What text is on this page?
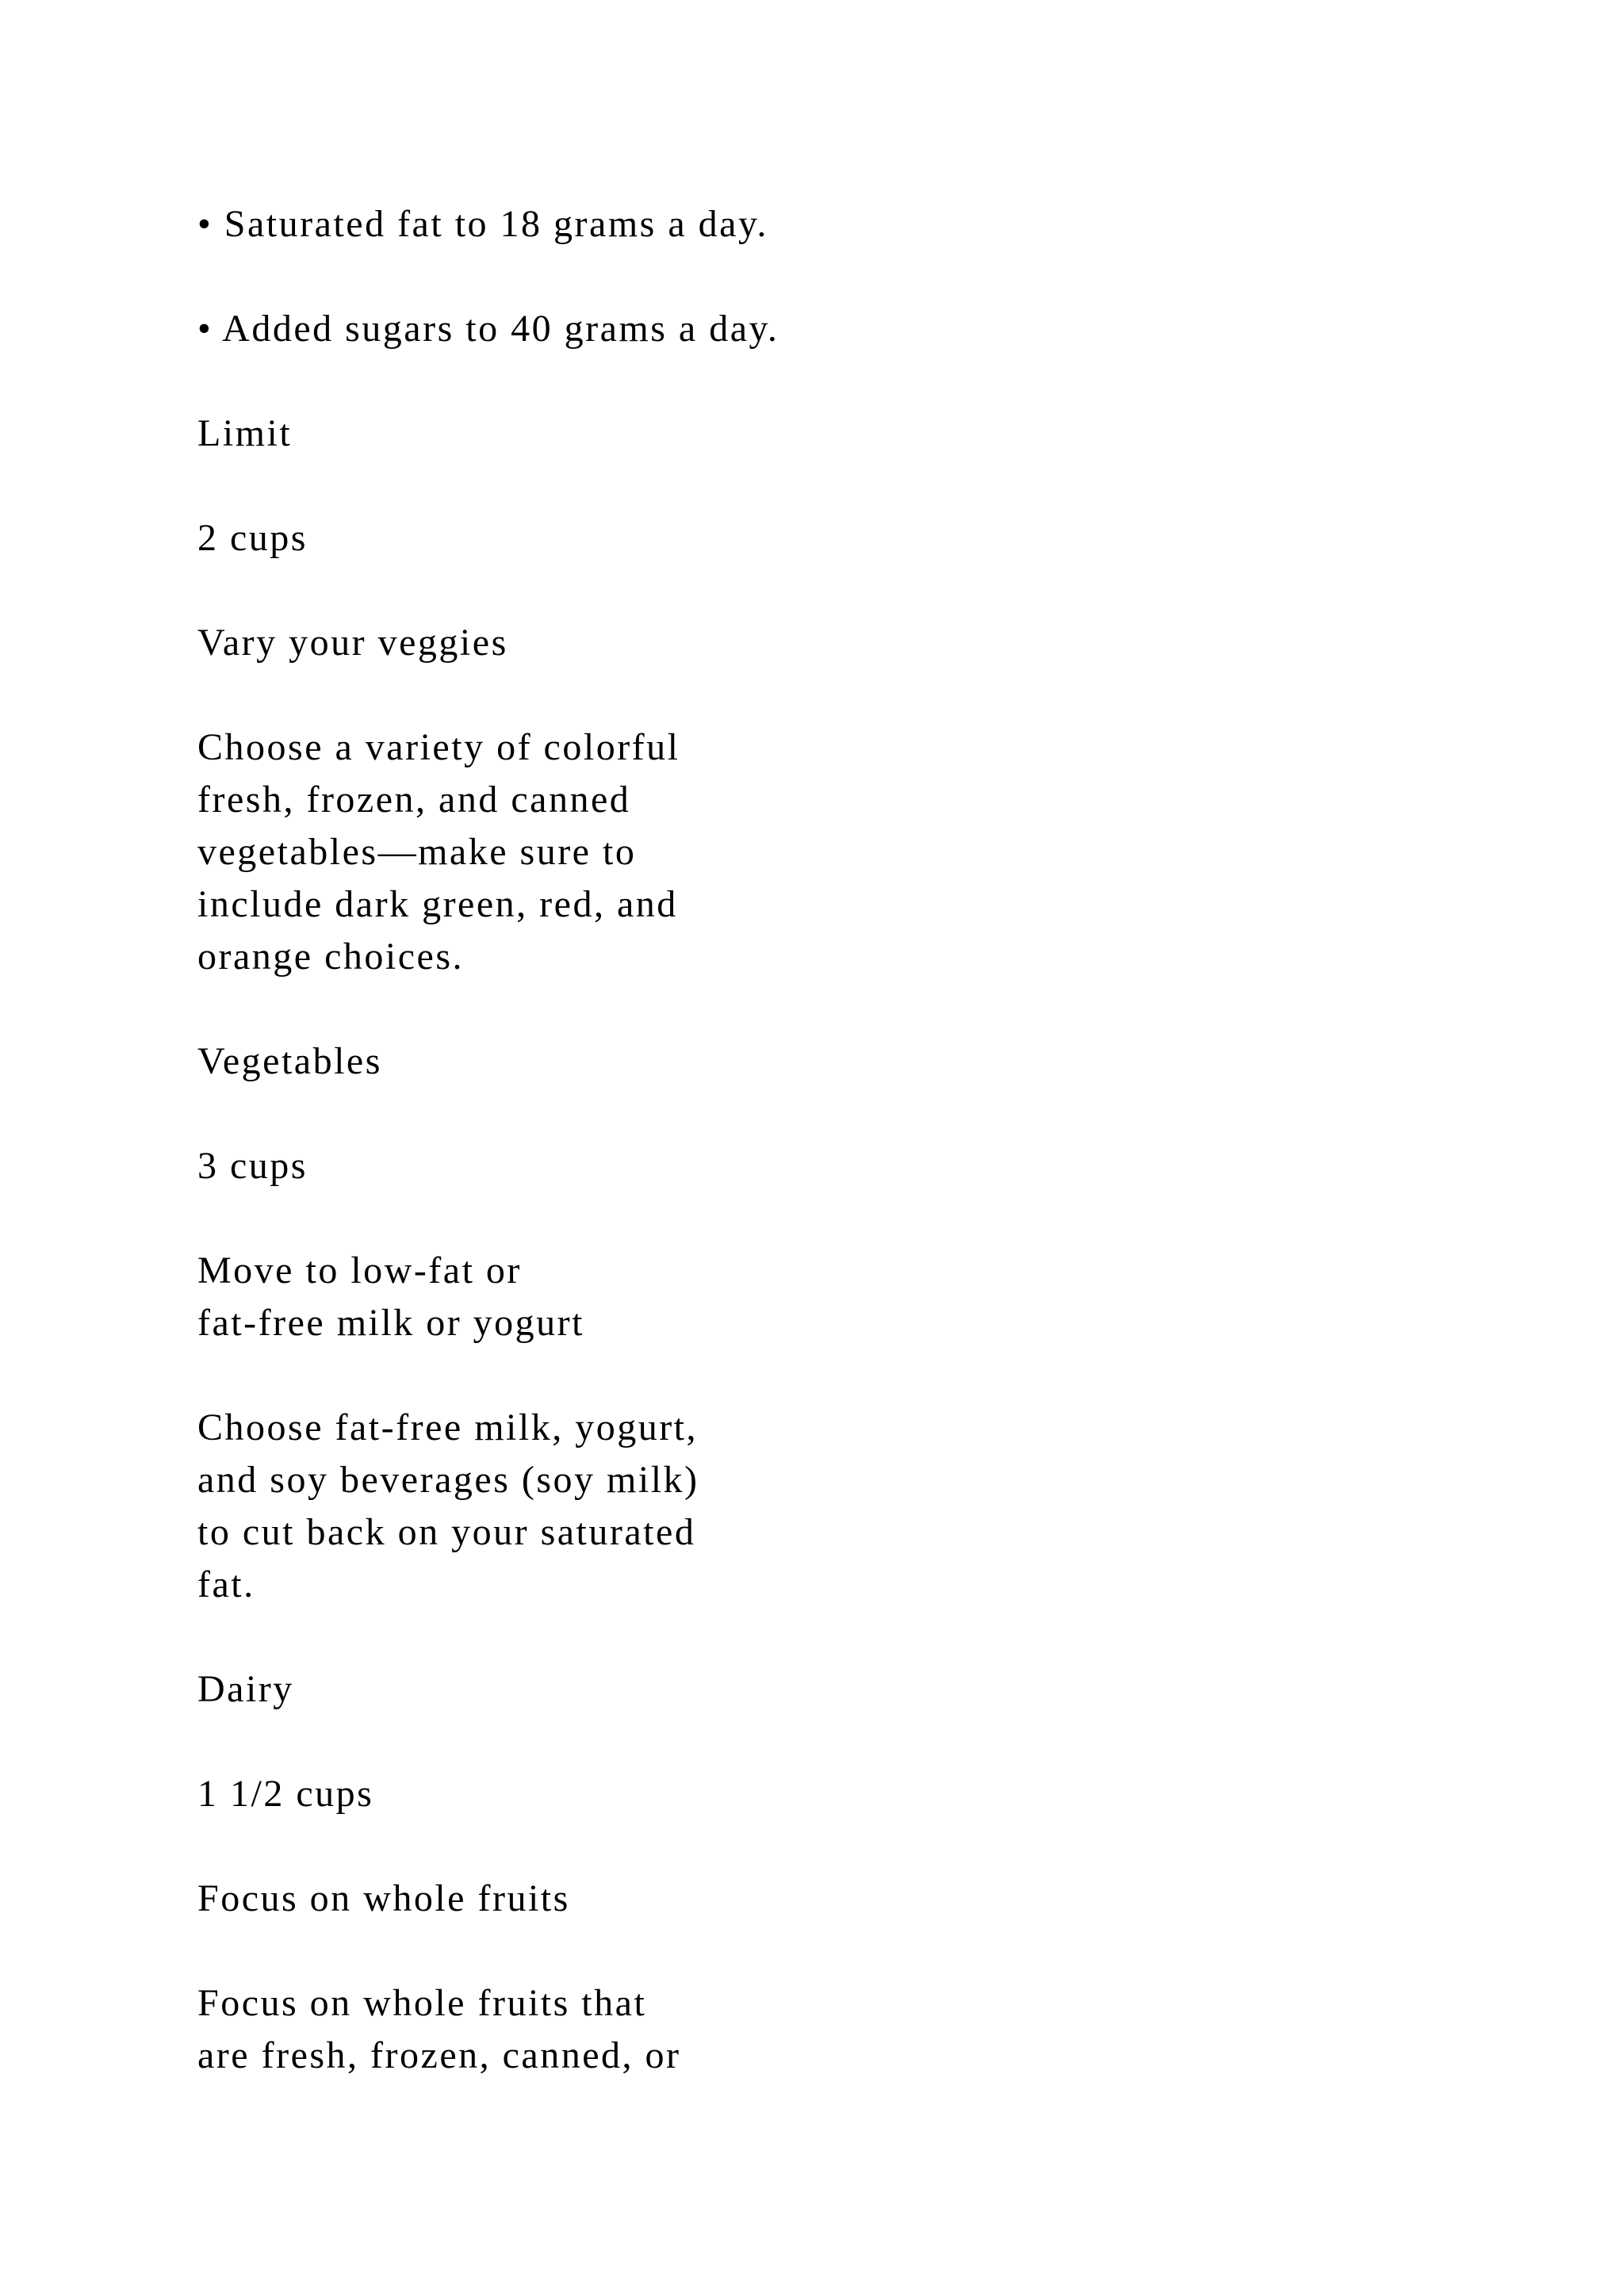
• Saturated fat to 18 grams a day.

• Added sugars to 40 grams a day.

Limit

2 cups

Vary your veggies

Choose a variety of colorful
fresh, frozen, and canned
vegetables—make sure to
include dark green, red, and
orange choices.

Vegetables

3 cups

Move to low-fat or
fat-free milk or yogurt

Choose fat-free milk, yogurt,
and soy beverages (soy milk)
to cut back on your saturated
fat.

Dairy

1 1/2 cups

Focus on whole fruits

Focus on whole fruits that
are fresh, frozen, canned, or
